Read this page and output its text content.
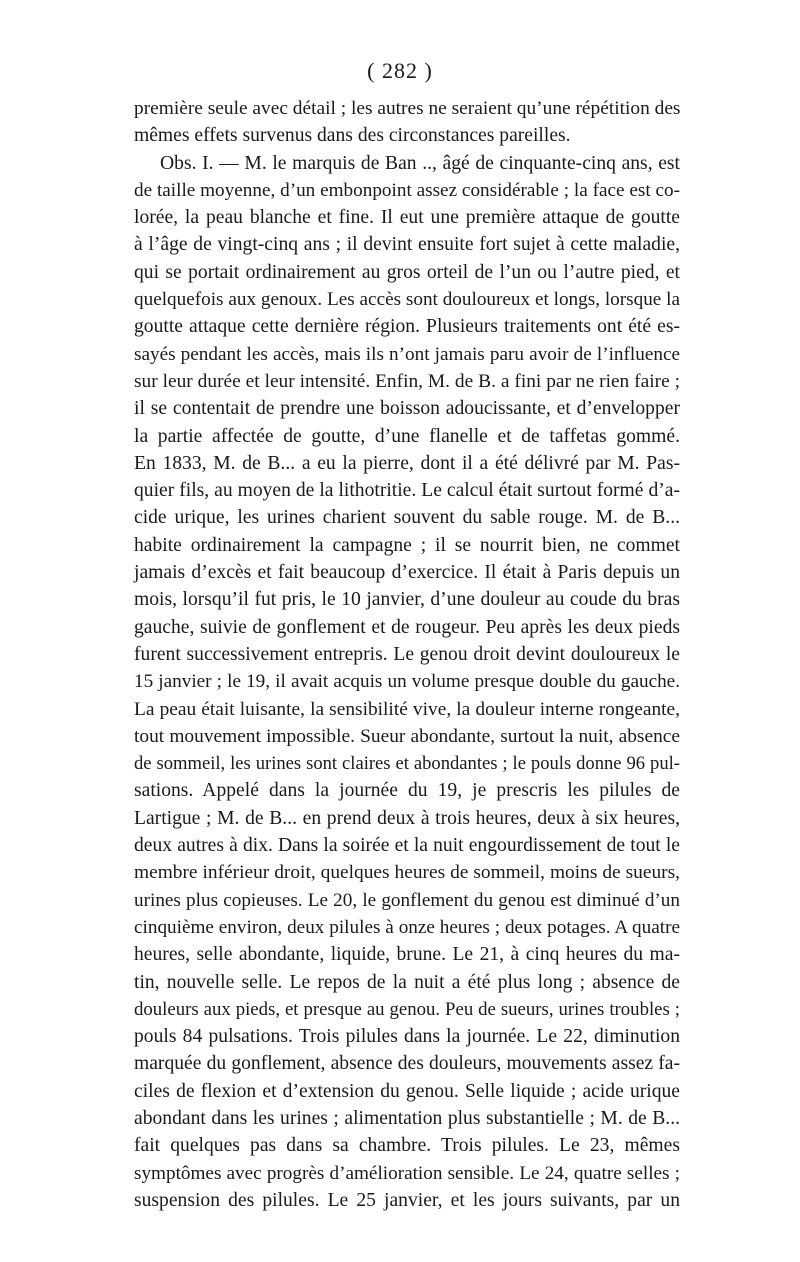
( 282 )
première seule avec détail ; les autres ne seraient qu’une répétition des
mêmes effets survenus dans des circonstances pareilles.
Obs. I. — M. le marquis de Ban .., âgé de cinquante-cinq ans, est
de taille moyenne, d’un embonpoint assez considérable ; la face est co-
lorée, la peau blanche et fine. Il eut une première attaque de goutte
à l’âge de vingt-cinq ans ; il devint ensuite fort sujet à cette maladie,
qui se portait ordinairement au gros orteil de l’un ou l’autre pied, et
quelquefois aux genoux. Les accès sont douloureux et longs, lorsque la
goutte attaque cette dernière région. Plusieurs traitements ont été es-
sayés pendant les accès, mais ils n’ont jamais paru avoir de l’influence
sur leur durée et leur intensité. Enfin, M. de B. a fini par ne rien faire ;
il se contentait de prendre une boisson adoucissante, et d’envelopper
la partie affectée de goutte, d’une flanelle et de taffetas gommé.
En 1833, M. de B... a eu la pierre, dont il a été délivré par M. Pas-
quier fils, au moyen de la lithotritie. Le calcul était surtout formé d’a-
cide urique, les urines charient souvent du sable rouge. M. de B...
habite ordinairement la campagne ; il se nourrit bien, ne commet
jamais d’excès et fait beaucoup d’exercice. Il était à Paris depuis un
mois, lorsqu’il fut pris, le 10 janvier, d’une douleur au coude du bras
gauche, suivie de gonflement et de rougeur. Peu après les deux pieds
furent successivement entrepris. Le genou droit devint douloureux le
15 janvier ; le 19, il avait acquis un volume presque double du gauche.
La peau était luisante, la sensibilité vive, la douleur interne rongeante,
tout mouvement impossible. Sueur abondante, surtout la nuit, absence
de sommeil, les urines sont claires et abondantes ; le pouls donne 96 pul-
sations. Appelé dans la journée du 19, je prescris les pilules de
Lartigue ; M. de B... en prend deux à trois heures, deux à six heures,
deux autres à dix. Dans la soirée et la nuit engourdissement de tout le
membre inférieur droit, quelques heures de sommeil, moins de sueurs,
urines plus copieuses. Le 20, le gonflement du genou est diminué d’un
cinquième environ, deux pilules à onze heures ; deux potages. A quatre
heures, selle abondante, liquide, brune. Le 21, à cinq heures du ma-
tin, nouvelle selle. Le repos de la nuit a été plus long ; absence de
douleurs aux pieds, et presque au genou. Peu de sueurs, urines troubles ;
pouls 84 pulsations. Trois pilules dans la journée. Le 22, diminution
marquée du gonflement, absence des douleurs, mouvements assez fa-
ciles de flexion et d’extension du genou. Selle liquide ; acide urique
abondant dans les urines ; alimentation plus substantielle ; M. de B...
fait quelques pas dans sa chambre. Trois pilules. Le 23, mêmes
symptômes avec progrès d’amélioration sensible. Le 24, quatre selles ;
suspension des pilules. Le 25 janvier, et les jours suivants, par un
